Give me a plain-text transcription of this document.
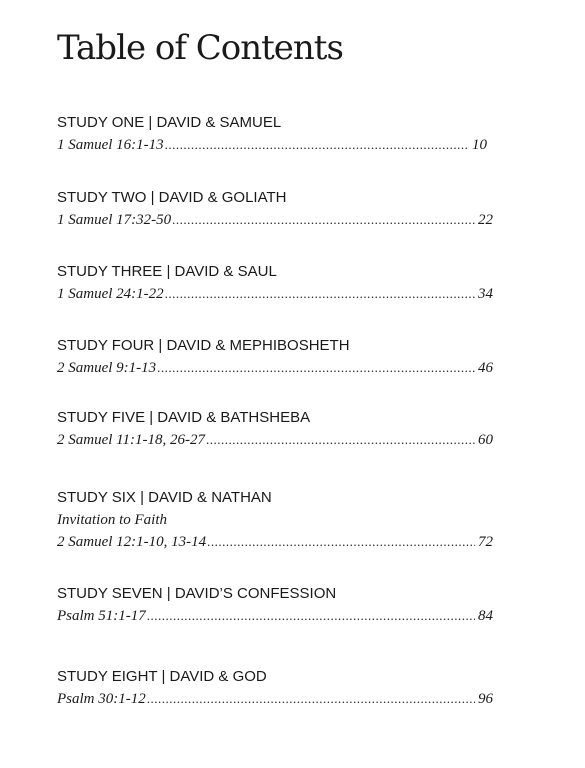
Table of Contents
STUDY ONE | DAVID & SAMUEL
1 Samuel 16:1-13 .....	10
STUDY TWO | DAVID & GOLIATH
1 Samuel 17:32-50 .....	22
STUDY THREE | DAVID & SAUL
1 Samuel 24:1-22 .....	34
STUDY FOUR | DAVID & MEPHIBOSHETH
2 Samuel 9:1-13 .....	46
STUDY FIVE | DAVID & BATHSHEBA
2 Samuel 11:1-18, 26-27 .....	60
STUDY SIX | DAVID & NATHAN
Invitation to Faith
2 Samuel 12:1-10, 13-14 .....	72
STUDY SEVEN | DAVID’S CONFESSION
Psalm 51:1-17 .....	84
STUDY EIGHT | DAVID & GOD
Psalm 30:1-12 .....	96
